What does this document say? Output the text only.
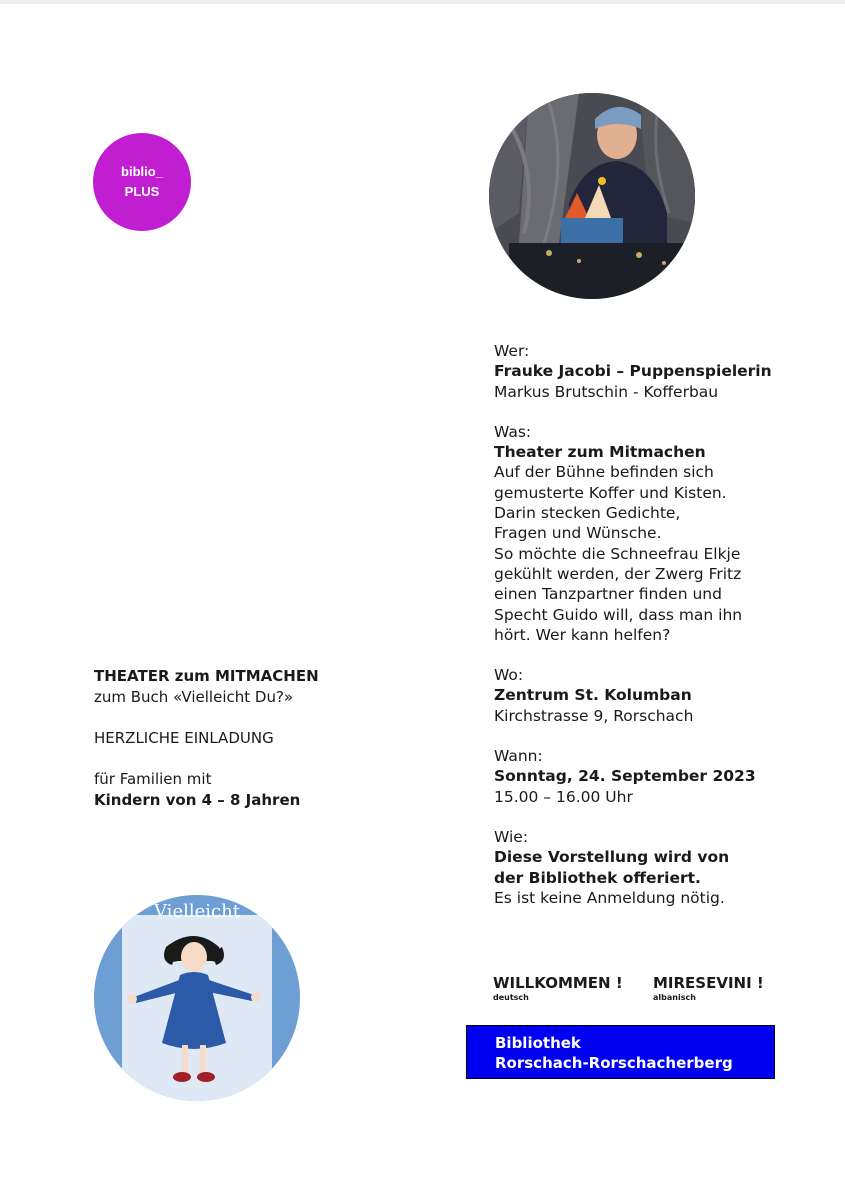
biblio_
PLUS
Wer:
Frauke Jacobi – Puppenspielerin
Markus Brutschin - Kofferbau
Was:
Theater zum Mitmachen
Auf der Bühne befinden sich
gemusterte Koffer und Kisten.
Darin stecken Gedichte,
Fragen und Wünsche.
So möchte die Schneefrau Elkje
gekühlt werden, der Zwerg Fritz
einen Tanzpartner finden und
Specht Guido will, dass man ihn
hört. Wer kann helfen?
Wo:
Zentrum St. Kolumban
Kirchstrasse 9, Rorschach
Wann:
Sonntag, 24. September 2023
15.00 – 16.00 Uhr
Wie:
Diese Vorstellung wird von
der Bibliothek offeriert.
Es ist keine Anmeldung nötig.
THEATER zum MITMACHEN
zum Buch «Vielleicht Du?»
HERZLICHE EINLADUNG
für Familien mit
Kindern von 4 – 8 Jahren
Vielleicht
WILLKOMMEN !
deutsch
MIRESEVINI !
albanisch
Bibliothek
Rorschach-Rorschacherberg
